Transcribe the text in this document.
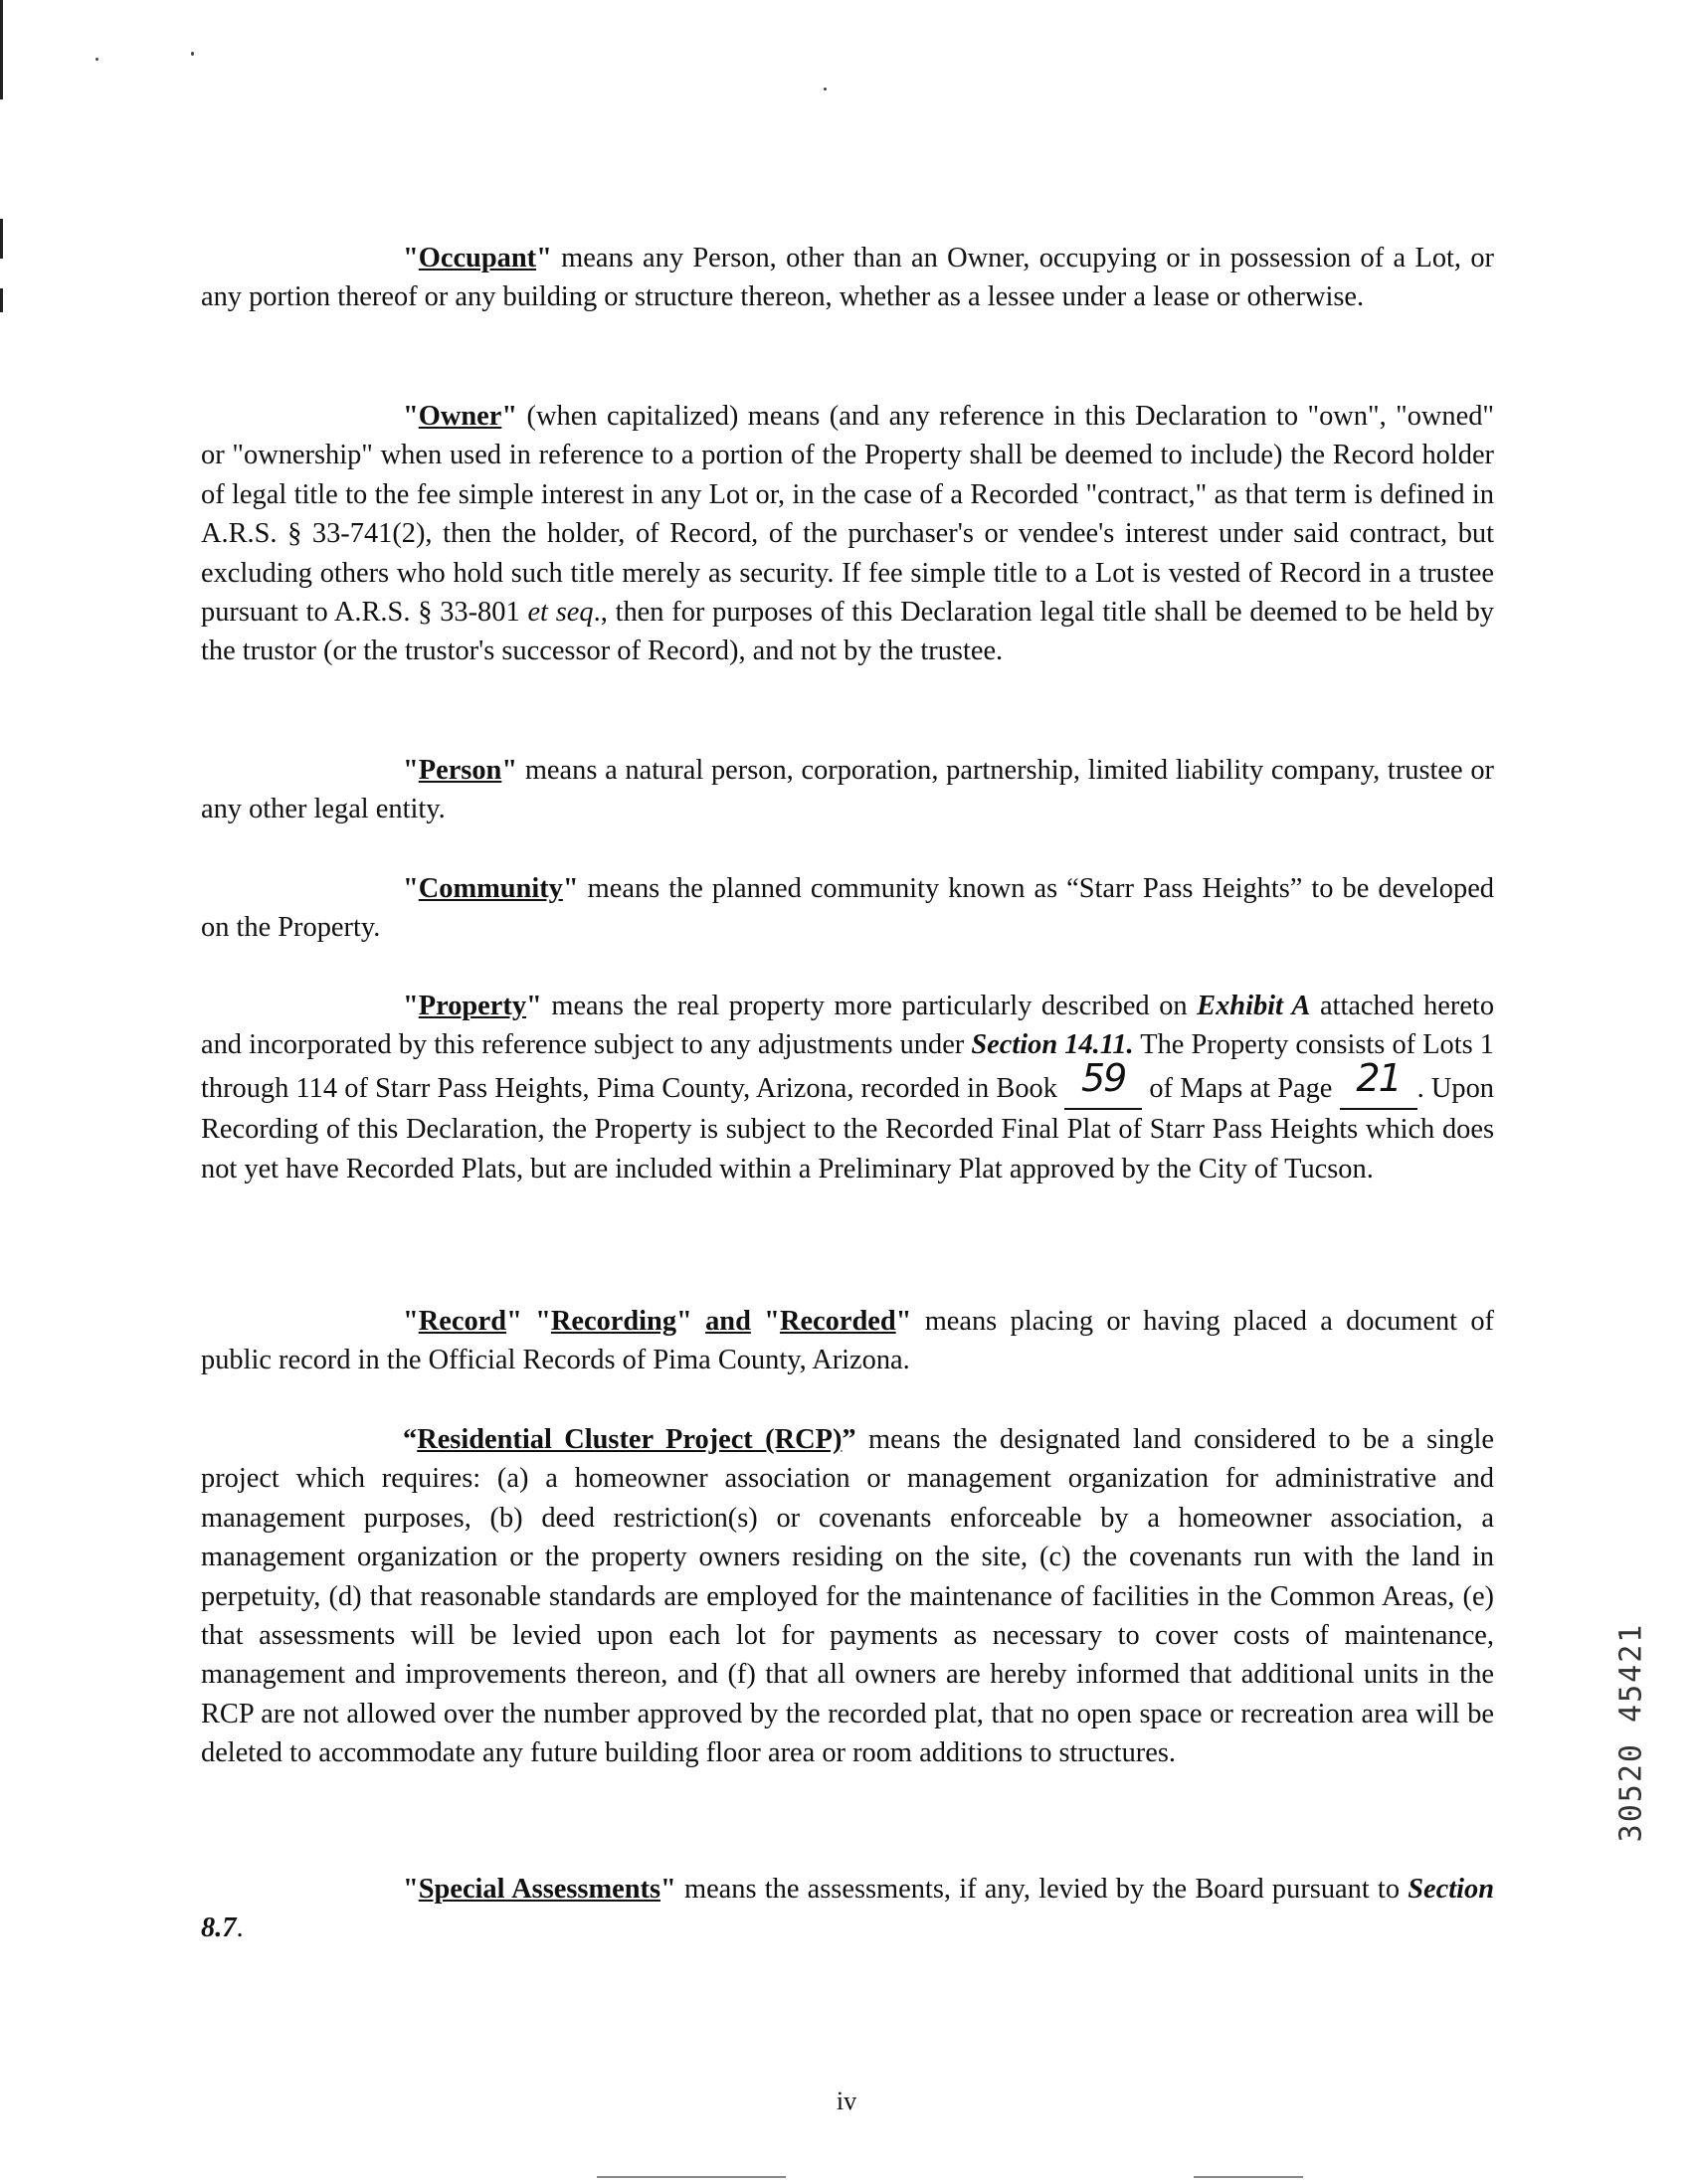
"Occupant" means any Person, other than an Owner, occupying or in possession of a Lot, or any portion thereof or any building or structure thereon, whether as a lessee under a lease or otherwise.

"Owner" (when capitalized) means (and any reference in this Declaration to "own", "owned" or "ownership" when used in reference to a portion of the Property shall be deemed to include) the Record holder of legal title to the fee simple interest in any Lot or, in the case of a Recorded "contract," as that term is defined in A.R.S. § 33-741(2), then the holder, of Record, of the purchaser's or vendee's interest under said contract, but excluding others who hold such title merely as security. If fee simple title to a Lot is vested of Record in a trustee pursuant to A.R.S. § 33-801 et seq., then for purposes of this Declaration legal title shall be deemed to be held by the trustor (or the trustor's successor of Record), and not by the trustee.

"Person" means a natural person, corporation, partnership, limited liability company, trustee or any other legal entity.

"Community" means the planned community known as “Starr Pass Heights” to be developed on the Property.

"Property" means the real property more particularly described on Exhibit A attached hereto and incorporated by this reference subject to any adjustments under Section 14.11. The Property consists of Lots 1 through 114 of Starr Pass Heights, Pima County, Arizona, recorded in Book 59 of Maps at Page 21 . Upon Recording of this Declaration, the Property is subject to the Recorded Final Plat of Starr Pass Heights which does not yet have Recorded Plats, but are included within a Preliminary Plat approved by the City of Tucson.

"Record" "Recording" and "Recorded" means placing or having placed a document of public record in the Official Records of Pima County, Arizona.

“Residential Cluster Project (RCP)” means the designated land considered to be a single project which requires: (a) a homeowner association or management organization for administrative and management purposes, (b) deed restriction(s) or covenants enforceable by a homeowner association, a management organization or the property owners residing on the site, (c) the covenants run with the land in perpetuity, (d) that reasonable standards are employed for the maintenance of facilities in the Common Areas, (e) that assessments will be levied upon each lot for payments as necessary to cover costs of maintenance, management and improvements thereon, and (f) that all owners are hereby informed that additional units in the RCP are not allowed over the number approved by the recorded plat, that no open space or recreation area will be deleted to accommodate any future building floor area or room additions to structures.

"Special Assessments" means the assessments, if any, levied by the Board pursuant to Section 8.7.

30520 45421
iv
